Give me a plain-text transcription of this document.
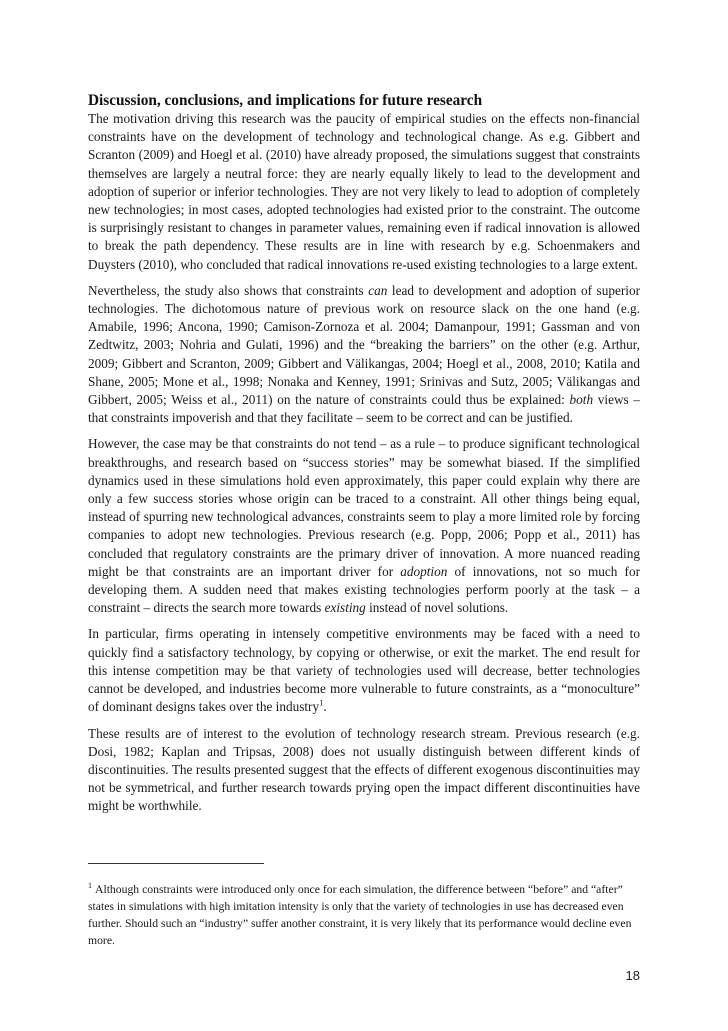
Discussion, conclusions, and implications for future research

The motivation driving this research was the paucity of empirical studies on the effects non-financial constraints have on the development of technology and technological change. As e.g. Gibbert and Scranton (2009) and Hoegl et al. (2010) have already proposed, the simulations suggest that constraints themselves are largely a neutral force: they are nearly equally likely to lead to the development and adoption of superior or inferior technologies. They are not very likely to lead to adoption of completely new technologies; in most cases, adopted technologies had existed prior to the constraint. The outcome is surprisingly resistant to changes in parameter values, remaining even if radical innovation is allowed to break the path dependency. These results are in line with research by e.g. Schoenmakers and Duysters (2010), who concluded that radical innovations re-used existing technologies to a large extent.

Nevertheless, the study also shows that constraints can lead to development and adoption of superior technologies. The dichotomous nature of previous work on resource slack on the one hand (e.g. Amabile, 1996; Ancona, 1990; Camison-Zornoza et al. 2004; Damanpour, 1991; Gassman and von Zedtwitz, 2003; Nohria and Gulati, 1996) and the “breaking the barriers” on the other (e.g. Arthur, 2009; Gibbert and Scranton, 2009; Gibbert and Välikangas, 2004; Hoegl et al., 2008, 2010; Katila and Shane, 2005; Mone et al., 1998; Nonaka and Kenney, 1991; Srinivas and Sutz, 2005; Välikangas and Gibbert, 2005; Weiss et al., 2011) on the nature of constraints could thus be explained: both views – that constraints impoverish and that they facilitate – seem to be correct and can be justified.

However, the case may be that constraints do not tend – as a rule – to produce significant technological breakthroughs, and research based on “success stories” may be somewhat biased. If the simplified dynamics used in these simulations hold even approximately, this paper could explain why there are only a few success stories whose origin can be traced to a constraint. All other things being equal, instead of spurring new technological advances, constraints seem to play a more limited role by forcing companies to adopt new technologies. Previous research (e.g. Popp, 2006; Popp et al., 2011) has concluded that regulatory constraints are the primary driver of innovation. A more nuanced reading might be that constraints are an important driver for adoption of innovations, not so much for developing them. A sudden need that makes existing technologies perform poorly at the task – a constraint – directs the search more towards existing instead of novel solutions.

In particular, firms operating in intensely competitive environments may be faced with a need to quickly find a satisfactory technology, by copying or otherwise, or exit the market. The end result for this intense competition may be that variety of technologies used will decrease, better technologies cannot be developed, and industries become more vulnerable to future constraints, as a “monoculture” of dominant designs takes over the industry$^1$.

These results are of interest to the evolution of technology research stream. Previous research (e.g. Dosi, 1982; Kaplan and Tripsas, 2008) does not usually distinguish between different kinds of discontinuities. The results presented suggest that the effects of different exogenous discontinuities may not be symmetrical, and further research towards prying open the impact different discontinuities have might be worthwhile.

$^1$ Although constraints were introduced only once for each simulation, the difference between “before” and “after” states in simulations with high imitation intensity is only that the variety of technologies in use has decreased even further. Should such an “industry” suffer another constraint, it is very likely that its performance would decline even more.
18
